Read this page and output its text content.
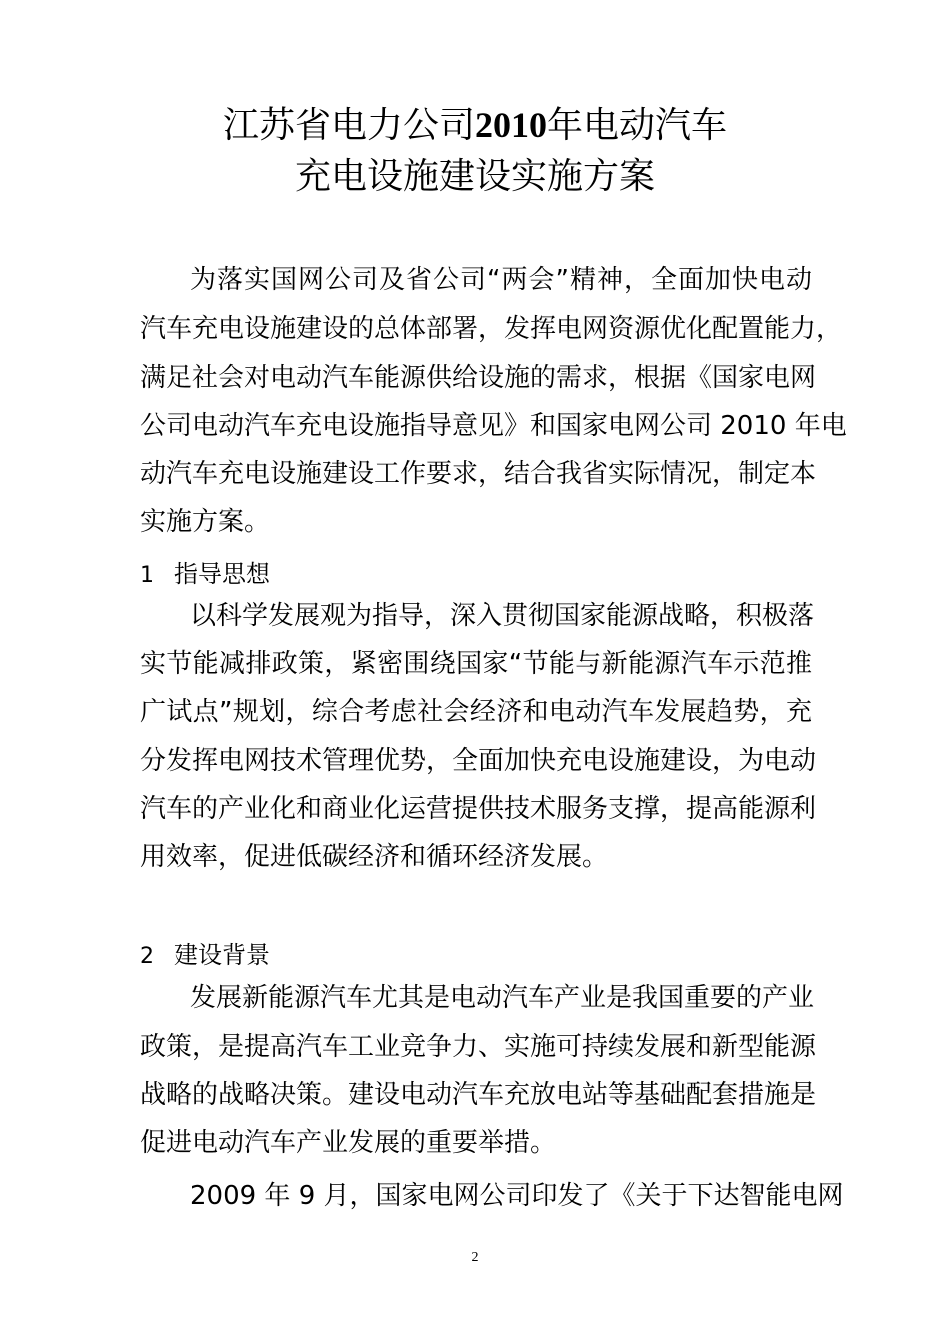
江苏省电力公司2010年电动汽车
充电设施建设实施方案
为落实国网公司及省公司“两会”精神，全面加快电动
汽车充电设施建设的总体部署，发挥电网资源优化配置能力，
满足社会对电动汽车能源供给设施的需求，根据《国家电网
公司电动汽车充电设施指导意见》和国家电网公司 2010 年电
动汽车充电设施建设工作要求，结合我省实际情况，制定本
实施方案。
1 指导思想
以科学发展观为指导，深入贯彻国家能源战略，积极落
实节能减排政策，紧密围绕国家“节能与新能源汽车示范推
广试点”规划，综合考虑社会经济和电动汽车发展趋势，充
分发挥电网技术管理优势，全面加快充电设施建设，为电动
汽车的产业化和商业化运营提供技术服务支撑，提高能源利
用效率，促进低碳经济和循环经济发展。
2 建设背景
发展新能源汽车尤其是电动汽车产业是我国重要的产业
政策，是提高汽车工业竞争力、实施可持续发展和新型能源
战略的战略决策。建设电动汽车充放电站等基础配套措施是
促进电动汽车产业发展的重要举措。
2009 年 9 月，国家电网公司印发了《关于下达智能电网
2
